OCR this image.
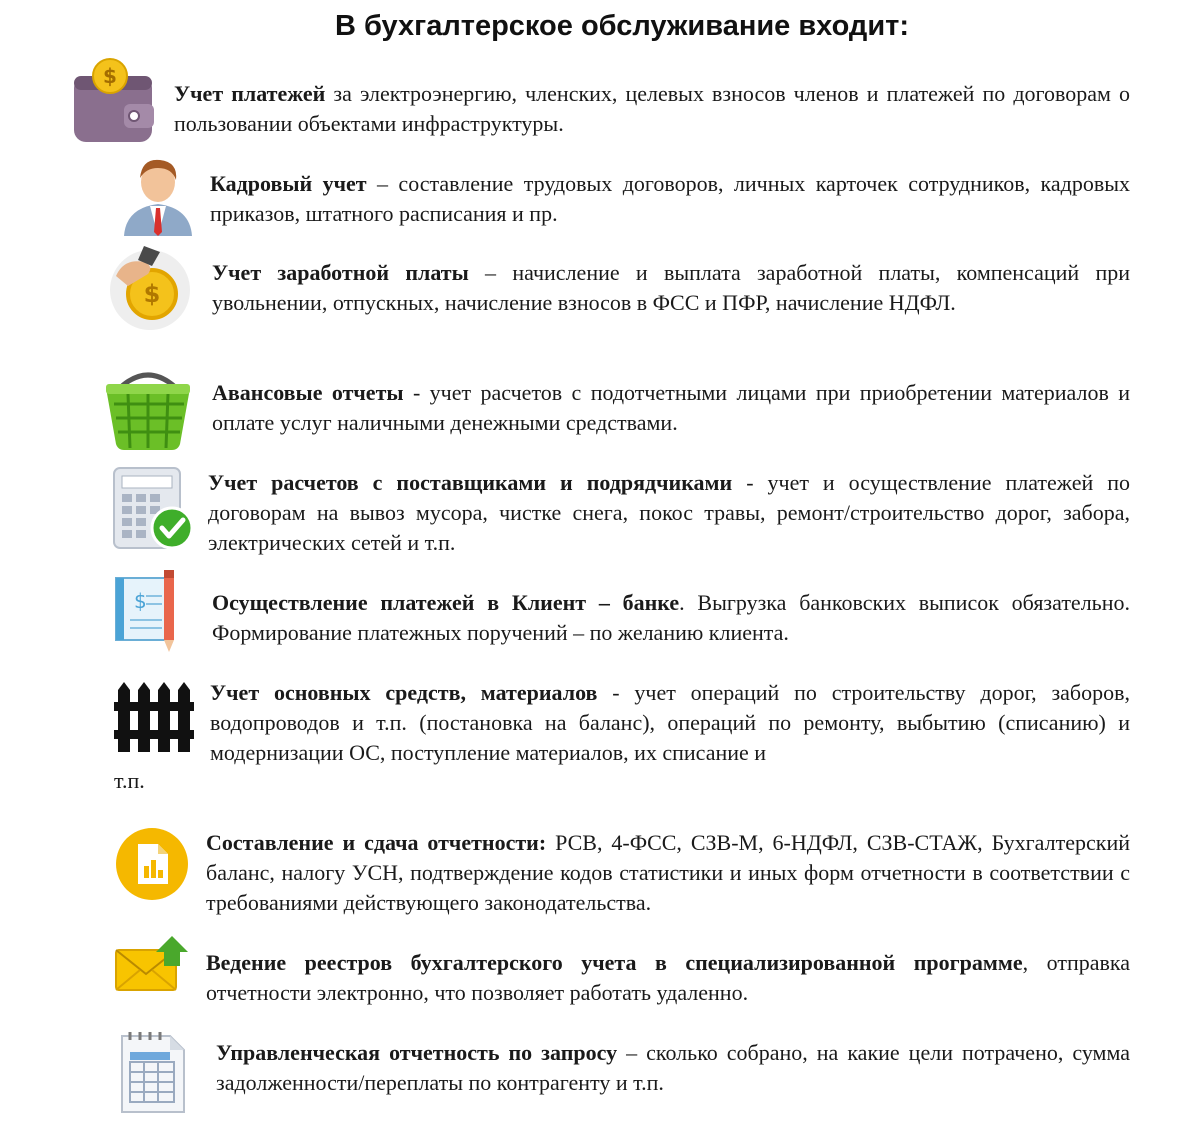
В бухгалтерское обслуживание входит:
$
Учет платежей за электроэнергию, членских, целевых взносов членов и платежей по договорам о пользовании объектами инфраструктуры.
Кадровый учет – составление трудовых договоров, личных карточек сотрудников, кадровых приказов, штатного расписания и пр.
$
Учет заработной платы – начисление и выплата заработной платы, компенсаций при увольнении, отпускных, начисление взносов в ФСС и ПФР, начисление НДФЛ.
Авансовые отчеты - учет расчетов с подотчетными лицами при приобретении материалов и оплате услуг наличными денежными средствами.
Учет расчетов с поставщиками и подрядчиками - учет и осуществление платежей по договорам на вывоз мусора, чистке снега, покос травы, ремонт/строительство дорог, забора, электрических сетей и т.п.
$	Осуществление платежей в Клиент – банке. Выгрузка банковских выписок обязательно. Формирование платежных поручений – по желанию клиента.
Учет основных средств, материалов - учет операций по строительству дорог, заборов, водопроводов и т.п. (постановка на баланс), операций по ремонту, выбытию (списанию) и модернизации ОС, поступление материалов, их списание и
т.п.
Составление и сдача отчетности: РСВ, 4-ФСС, СЗВ-М, 6-НДФЛ, СЗВ-СТАЖ, Бухгалтерский баланс, налогу УСН, подтверждение кодов статистики и иных форм отчетности в соответствии с требованиями действующего законодательства.
Ведение реестров бухгалтерского учета в специализированной программе, отправка отчетности электронно, что позволяет работать удаленно.
Управленческая отчетность по запросу – сколько собрано, на какие цели потрачено, сумма задолженности/переплаты по контрагенту и т.п.
